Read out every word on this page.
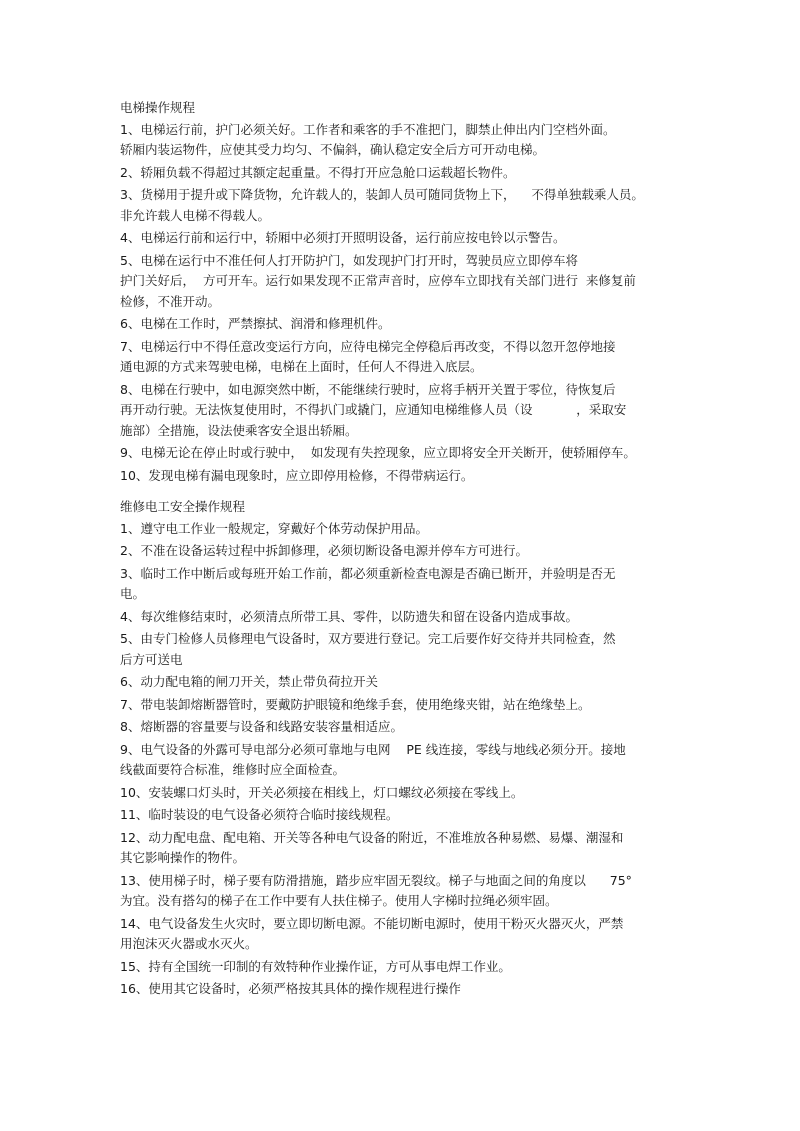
电梯操作规程
1、电梯运行前，护门必须关好。工作者和乘客的手不准把门，脚禁止伸出内门空档外面。
轿厢内装运物件，应使其受力均匀、不偏斜，确认稳定安全后方可开动电梯。
2、轿厢负载不得超过其额定起重量。不得打开应急舱口运载超长物件。
3、货梯用于提升或下降货物，允许载人的，装卸人员可随同货物上下，    不得单独载乘人员。
非允许载人电梯不得载人。
4、电梯运行前和运行中，轿厢中必须打开照明设备，运行前应按电铃以示警告。
5、电梯在运行中不准任何人打开防护门，如发现护门打开时，驾驶员应立即停车将
护门关好后，  方可开车。运行如果发现不正常声音时，应停车立即找有关部门进行  来修复前
检修，不准开动。
6、电梯在工作时，严禁擦拭、润滑和修理机件。
7、电梯运行中不得任意改变运行方向，应待电梯完全停稳后再改变，不得以忽开忽停地接
通电源的方式来驾驶电梯，电梯在上面时，任何人不得进入底层。
8、电梯在行驶中，如电源突然中断，不能继续行驶时，应将手柄开关置于零位，待恢复后
再开动行驶。无法恢复使用时，不得扒门或撬门，应通知电梯维修人员（设           ，采取安
施部）全措施，设法使乘客安全退出轿厢。
9、电梯无论在停止时或行驶中，  如发现有失控现象，应立即将安全开关断开，使轿厢停车。
10、发现电梯有漏电现象时，应立即停用检修，不得带病运行。
维修电工安全操作规程
1、遵守电工作业一般规定，穿戴好个体劳动保护用品。
2、不准在设备运转过程中拆卸修理，必须切断设备电源并停车方可进行。
3、临时工作中断后或每班开始工作前，都必须重新检查电源是否确已断开，并验明是否无
电。
4、每次维修结束时，必须清点所带工具、零件，以防遗失和留在设备内造成事故。
5、由专门检修人员修理电气设备时，双方要进行登记。完工后要作好交待并共同检查，然
后方可送电
6、动力配电箱的闸刀开关，禁止带负荷拉开关
7、带电装卸熔断器管时，要戴防护眼镜和绝缘手套，使用绝缘夹钳，站在绝缘垫上。
8、熔断器的容量要与设备和线路安装容量相适应。
9、电气设备的外露可导电部分必须可靠地与电网    PE 线连接，零线与地线必须分开。接地
线截面要符合标准，维修时应全面检查。
10、安装螺口灯头时，开关必须接在相线上，灯口螺纹必须接在零线上。
11、临时装设的电气设备必须符合临时接线规程。
12、动力配电盘、配电箱、开关等各种电气设备的附近，不准堆放各种易燃、易爆、潮湿和
其它影响操作的物件。
13、使用梯子时，梯子要有防滑措施，踏步应牢固无裂纹。梯子与地面之间的角度以      75°
为宜。没有搭勾的梯子在工作中要有人扶住梯子。使用人字梯时拉绳必须牢固。
14、电气设备发生火灾时，要立即切断电源。不能切断电源时，使用干粉灭火器灭火，严禁
用泡沫灭火器或水灭火。
15、持有全国统一印制的有效特种作业操作证，方可从事电焊工作业。
16、使用其它设备时，必须严格按其具体的操作规程进行操作
